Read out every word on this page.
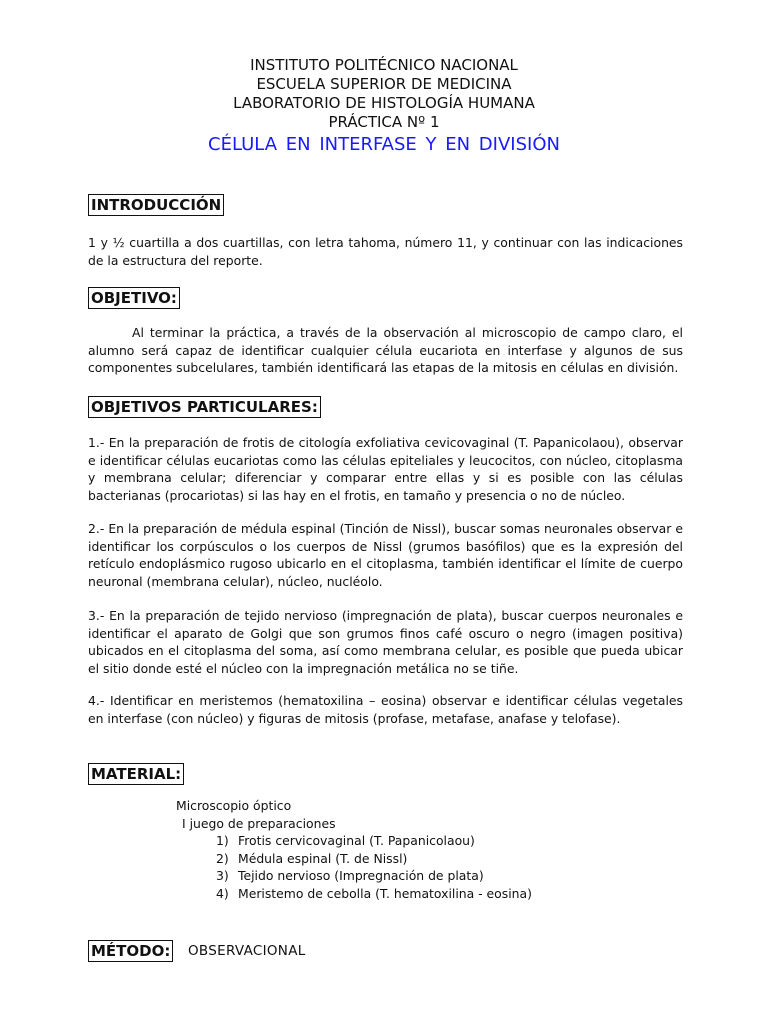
INSTITUTO POLITÉCNICO NACIONAL
ESCUELA SUPERIOR DE MEDICINA
LABORATORIO DE HISTOLOGÍA HUMANA
PRÁCTICA Nº 1
CÉLULA EN INTERFASE Y EN DIVISIÓN
INTRODUCCIÓN
1 y ½ cuartilla a dos cuartillas, con letra tahoma, número 11, y continuar con las indicaciones de la estructura del reporte.
OBJETIVO:
Al terminar la práctica, a través de la observación al microscopio de campo claro, el alumno será capaz de identificar cualquier célula eucariota en interfase y algunos de sus componentes subcelulares, también identificará las etapas de la mitosis en células en división.
OBJETIVOS PARTICULARES:
1.- En la preparación de frotis de citología exfoliativa cevicovaginal (T. Papanicolaou), observar e identificar células eucariotas como las células epiteliales y leucocitos, con núcleo, citoplasma y membrana celular; diferenciar y comparar entre ellas y si es posible con las células bacterianas (procariotas) si las hay en el frotis, en tamaño y presencia o no de núcleo.
2.- En la preparación de médula espinal (Tinción de Nissl), buscar somas neuronales observar e identificar los corpúsculos o los cuerpos de Nissl (grumos basófilos) que es la expresión del retículo endoplásmico rugoso ubicarlo en el citoplasma, también identificar el límite de cuerpo neuronal (membrana celular), núcleo, nucléolo.
3.- En la preparación de tejido nervioso (impregnación de plata), buscar cuerpos neuronales e identificar el aparato de Golgi que son grumos finos café oscuro o negro (imagen positiva) ubicados en el citoplasma del soma, así como membrana celular, es posible que pueda ubicar el sitio donde esté el núcleo con la impregnación metálica no se tiñe.
4.- Identificar en meristemos (hematoxilina – eosina) observar e identificar células vegetales en interfase (con núcleo) y figuras de mitosis (profase, metafase, anafase y telofase).
MATERIAL:
Microscopio óptico
I juego de preparaciones
1) Frotis cervicovaginal (T. Papanicolaou)
2) Médula espinal (T. de Nissl)
3) Tejido nervioso (Impregnación de plata)
4) Meristemo de cebolla (T. hematoxilina - eosina)
MÉTODO: OBSERVACIONAL
